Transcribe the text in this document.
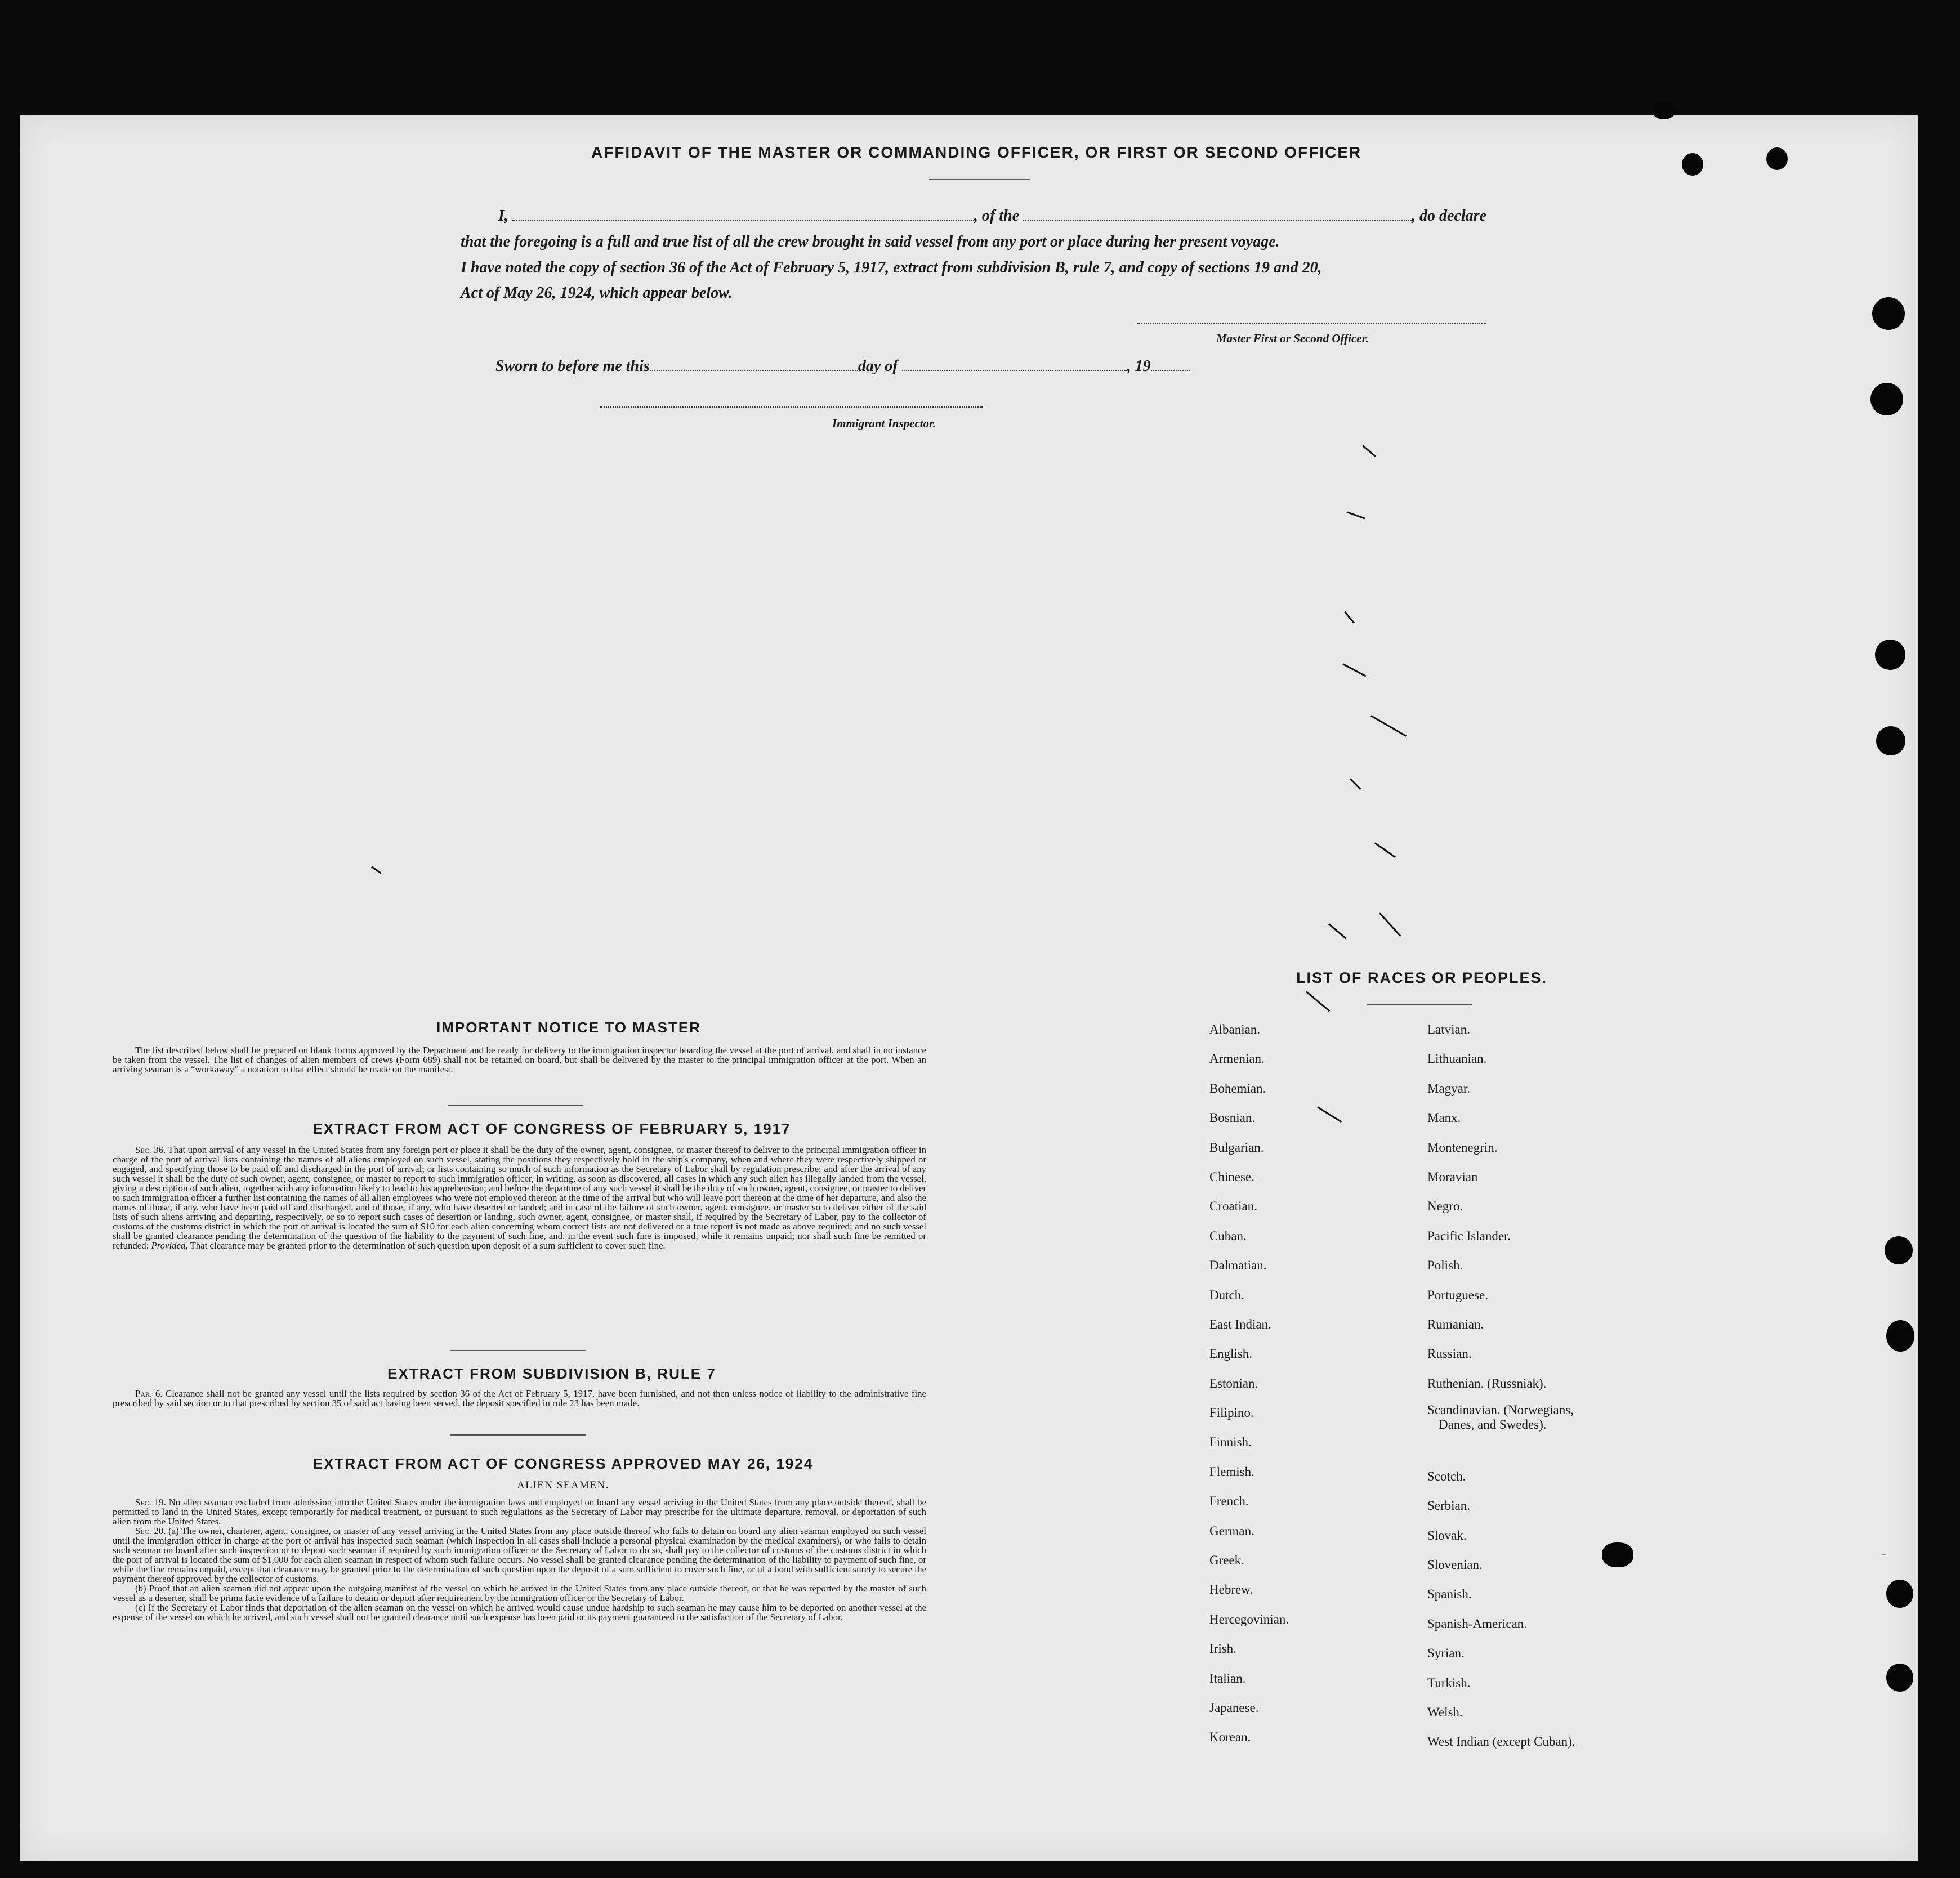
AFFIDAVIT OF THE MASTER OR COMMANDING OFFICER, OR FIRST OR SECOND OFFICER
I,	, of the	, do declare
that the foregoing is a full and true list of all the crew brought in said vessel from any port or place during her present voyage.
I have noted the copy of section 36 of the Act of February 5, 1917, extract from subdivision B, rule 7, and copy of sections 19 and 20,
Act of May 26, 1924, which appear below.
Master First or Second Officer.
Sworn to before me this	day of	, 19
Immigrant Inspector.
IMPORTANT NOTICE TO MASTER
The list described below shall be prepared on blank forms approved by the Department and be ready for delivery to the immigration inspector boarding the vessel at the port of arrival, and shall in no instance be taken from the vessel. The list of changes of alien members of crews (Form 689) shall not be retained on board, but shall be delivered by the master to the principal immigration officer at the port. When an arriving seaman is a “workaway” a notation to that effect should be made on the manifest.
EXTRACT FROM ACT OF CONGRESS OF FEBRUARY 5, 1917
Sec. 36. That upon arrival of any vessel in the United States from any foreign port or place it shall be the duty of the owner, agent, consignee, or master thereof to deliver to the principal immigration officer in charge of the port of arrival lists containing the names of all aliens employed on such vessel, stating the positions they respectively hold in the ship's company, when and where they were respectively shipped or engaged, and specifying those to be paid off and discharged in the port of arrival; or lists containing so much of such information as the Secretary of Labor shall by regulation prescribe; and after the arrival of any such vessel it shall be the duty of such owner, agent, consignee, or master to report to such immigration officer, in writing, as soon as discovered, all cases in which any such alien has illegally landed from the vessel, giving a description of such alien, together with any information likely to lead to his apprehension; and before the departure of any such vessel it shall be the duty of such owner, agent, consignee, or master to deliver to such immigration officer a further list containing the names of all alien employees who were not employed thereon at the time of the arrival but who will leave port thereon at the time of her departure, and also the names of those, if any, who have been paid off and discharged, and of those, if any, who have deserted or landed; and in case of the failure of such owner, agent, consignee, or master so to deliver either of the said lists of such aliens arriving and departing, respectively, or so to report such cases of desertion or landing, such owner, agent, consignee, or master shall, if required by the Secretary of Labor, pay to the collector of customs of the customs district in which the port of arrival is located the sum of $10 for each alien concerning whom correct lists are not delivered or a true report is not made as above required; and no such vessel shall be granted clearance pending the determination of the question of the liability to the payment of such fine, and, in the event such fine is imposed, while it remains unpaid; nor shall such fine be remitted or refunded: Provided, That clearance may be granted prior to the determination of such question upon deposit of a sum sufficient to cover such fine.
EXTRACT FROM SUBDIVISION B, RULE 7
Par. 6. Clearance shall not be granted any vessel until the lists required by section 36 of the Act of February 5, 1917, have been furnished, and not then unless notice of liability to the administrative fine prescribed by said section or to that prescribed by section 35 of said act having been served, the deposit specified in rule 23 has been made.
EXTRACT FROM ACT OF CONGRESS APPROVED MAY 26, 1924
ALIEN SEAMEN.
Sec. 19. No alien seaman excluded from admission into the United States under the immigration laws and employed on board any vessel arriving in the United States from any place outside thereof, shall be permitted to land in the United States, except temporarily for medical treatment, or pursuant to such regulations as the Secretary of Labor may prescribe for the ultimate departure, removal, or deportation of such alien from the United States.
Sec. 20. (a) The owner, charterer, agent, consignee, or master of any vessel arriving in the United States from any place outside thereof who fails to detain on board any alien seaman employed on such vessel until the immigration officer in charge at the port of arrival has inspected such seaman (which inspection in all cases shall include a personal physical examination by the medical examiners), or who fails to detain such seaman on board after such inspection or to deport such seaman if required by such immigration officer or the Secretary of Labor to do so, shall pay to the collector of customs of the customs district in which the port of arrival is located the sum of $1,000 for each alien seaman in respect of whom such failure occurs. No vessel shall be granted clearance pending the determination of the liability to payment of such fine, or while the fine remains unpaid, except that clearance may be granted prior to the determination of such question upon the deposit of a sum sufficient to cover such fine, or of a bond with sufficient surety to secure the payment thereof approved by the collector of customs.
(b) Proof that an alien seaman did not appear upon the outgoing manifest of the vessel on which he arrived in the United States from any place outside thereof, or that he was reported by the master of such vessel as a deserter, shall be prima facie evidence of a failure to detain or deport after requirement by the immigration officer or the Secretary of Labor.
(c) If the Secretary of Labor finds that deportation of the alien seaman on the vessel on which he arrived would cause undue hardship to such seaman he may cause him to be deported on another vessel at the expense of the vessel on which he arrived, and such vessel shall not be granted clearance until such expense has been paid or its payment guaranteed to the satisfaction of the Secretary of Labor.
LIST OF RACES OR PEOPLES.
Albanian.
Armenian.
Bohemian.
Bosnian.
Bulgarian.
Chinese.
Croatian.
Cuban.
Dalmatian.
Dutch.
East Indian.
English.
Estonian.
Filipino.
Finnish.
Flemish.
French.
German.
Greek.
Hebrew.
Hercegovinian.
Irish.
Italian.
Japanese.
Korean.
Latvian.
Lithuanian.
Magyar.
Manx.
Montenegrin.
Moravian
Negro.
Pacific Islander.
Polish.
Portuguese.
Rumanian.
Russian.
Ruthenian. (Russniak).
Scandinavian. (Norwegians,
Danes, and Swedes).
Scotch.
Serbian.
Slovak.
Slovenian.
Spanish.
Spanish-American.
Syrian.
Turkish.
Welsh.
West Indian (except Cuban).
